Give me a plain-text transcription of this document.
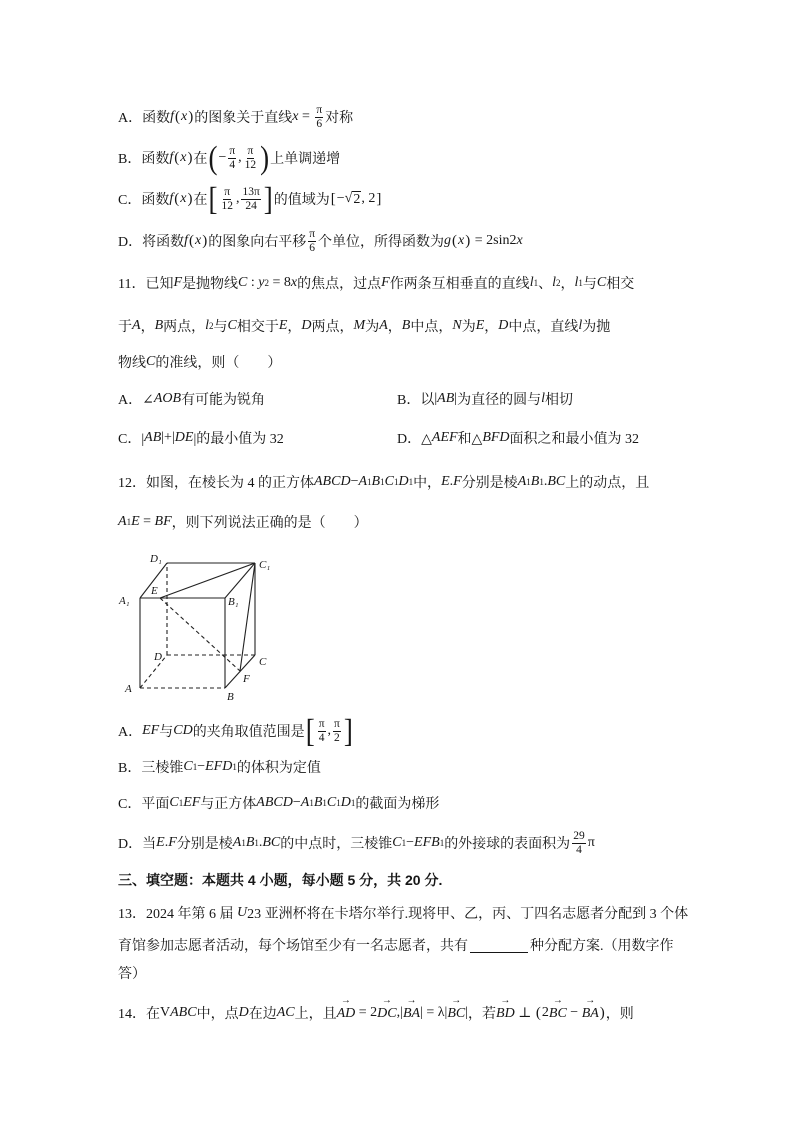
A．函数 f ( x ) 的图象关于直线 $x = \frac{\pi}{6}$ 对称
B．函数 f ( x ) 在 ( − $\frac{\pi}{4}$ , $\frac{\pi}{12}$ ) 上单调递增
C．函数 f ( x ) 在 [ $\frac{\pi}{12}$ , $\frac{13\pi}{24}$ ] 的值域为 [ −
√ 2 , 2 ]
D．将函数 f ( x ) 的图象向右平移 $\frac{\pi}{6}$ 个单位，所得函数为 g ( x ) = 2sin2 x
11．已知 F 是抛物线 C : y 2 = 8 x 的焦点，过点 F 作两条互相垂直的直线 l 1 、 l 2 ， l 1 与 C 相交
于 A ， B 两点， l 2 与 C 相交于 E ， D 两点， M 为 A ， B 中点， N 为 E ， D 中点，直线 l 为抛
物线 C 的准线，则（　　）
A．∠ AOB 有可能为锐角	B．以 | AB | 为直径的圆与 l 相切
C．| AB |+| DE |的最小值为 32	D．△ AEF 和△ BFD 面积之和最小值为 32
12．如图，在棱长为 4 的正方体 ABCD − A 1 B 1 C 1 D 1 中， E . F 分别是棱 A 1 B 1 . BC 上的动点，且
A 1 E = BF ，则下列说法正确的是（　　）
D₁	C₁
A₁
E
B₁
D	C
A
F
B
A． EF 与 CD 的夹角取值范围是 [ $\frac{\pi}{4}$ , $\frac{\pi}{2}$ ]
B．三棱锥 C 1 − EF D 1 的体积为定值
C．平面 C 1 EF 与正方体 ABCD − A 1 B 1 C 1 D 1 的截面为梯形
D．当 E . F 分别是棱 A 1 B 1 . BC 的中点时，三棱锥 C 1 − EF B 1 的外接球的表面积为 $\frac{29}{4}$ π
三、填空题：本题共 4 小题，每小题 5 分，共 20 分.
13．2024 年第 6 届 U 23 亚洲杯将在卡塔尔举行.现将甲、乙，丙、丁四名志愿者分配到 3 个体
育馆参加志愿者活动，每个场馆至少有一名志愿者，共有	种分配方案.（用数字作
答）
14．在 V ABC 中，点 D 在边 AC 上，且 AD → = 2 DC → , | BA → | = λ| BC → | ，若 BD → ⊥ ( 2 BC → − BA → ) ，则
